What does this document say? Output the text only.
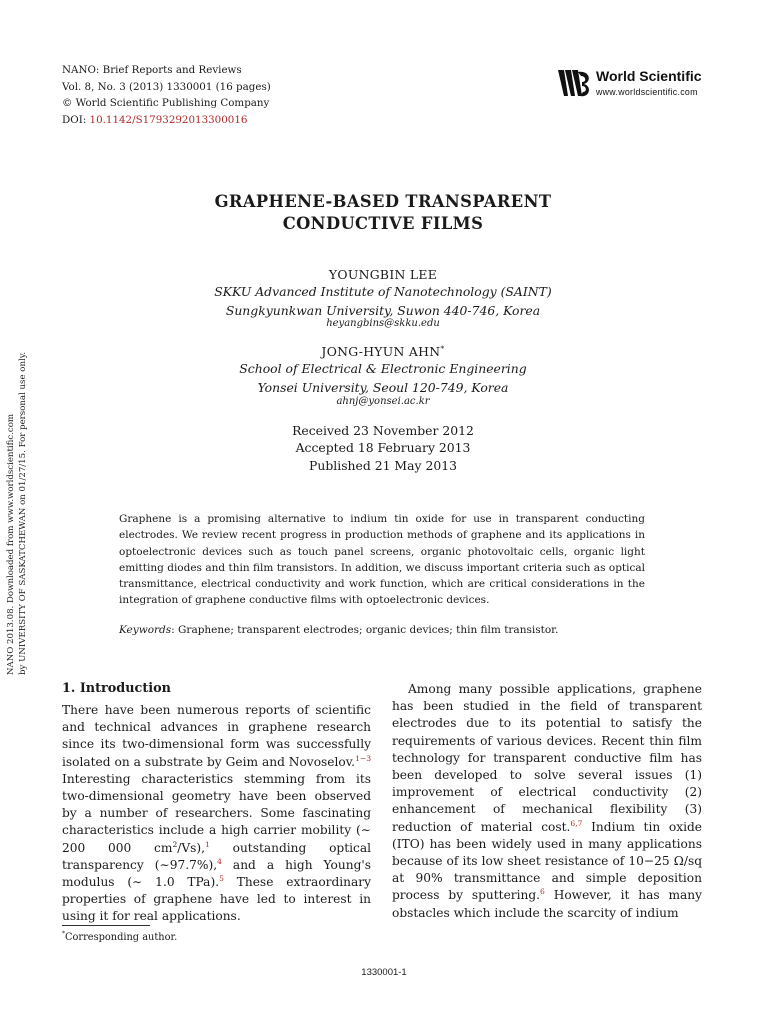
NANO: Brief Reports and Reviews
Vol. 8, No. 3 (2013) 1330001 (16 pages)
© World Scientific Publishing Company
DOI: 10.1142/S1793292013300016
World Scientific
www.worldscientific.com
NANO 2013.08. Downloaded from www.worldscientific.com by UNIVERSITY OF SASKATCHEWAN on 01/27/15. For personal use only.
GRAPHENE-BASED TRANSPARENT
CONDUCTIVE FILMS
YOUNGBIN LEE
SKKU Advanced Institute of Nanotechnology (SAINT)
Sungkyunkwan University, Suwon 440-746, Korea
heyangbins@skku.edu
JONG-HYUN AHN*
School of Electrical & Electronic Engineering
Yonsei University, Seoul 120-749, Korea
ahnj@yonsei.ac.kr
Received 23 November 2012
Accepted 18 February 2013
Published 21 May 2013
Graphene is a promising alternative to indium tin oxide for use in transparent conducting electrodes. We review recent progress in production methods of graphene and its applications in optoelectronic devices such as touch panel screens, organic photovoltaic cells, organic light emitting diodes and thin film transistors. In addition, we discuss important criteria such as optical transmittance, electrical conductivity and work function, which are critical considerations in the integration of graphene conductive films with optoelectronic devices.
Keywords: Graphene; transparent electrodes; organic devices; thin film transistor.
1. Introduction
There have been numerous reports of scientific and technical advances in graphene research since its two-dimensional form was successfully isolated on a substrate by Geim and Novoselov.$^{1-3}$ Interesting characteristics stemming from its two-dimensional geometry have been observed by a number of researchers. Some fascinating characteristics include a high carrier mobility (∼ 200 000 $cm^2/Vs),^1$ outstanding optical transparency (∼97.7%),$^4$ and a high Young's modulus (∼ 1.0 TPa).$^5$ These extraordinary properties of graphene have led to interest in using it for real applications.
Among many possible applications, graphene has been studied in the field of transparent electrodes due to its potential to satisfy the requirements of various devices. Recent thin film technology for transparent conductive film has been developed to solve several issues (1) improvement of electrical conductivity (2) enhancement of mechanical flexibility (3) reduction of material cost.$^{6,7}$ Indium tin oxide (ITO) has been widely used in many applications because of its low sheet resistance of 10−25 Ω/sq at 90% transmittance and simple deposition process by sputtering.$^6$ However, it has many obstacles which include the scarcity of indium
*Corresponding author.
1330001-1
